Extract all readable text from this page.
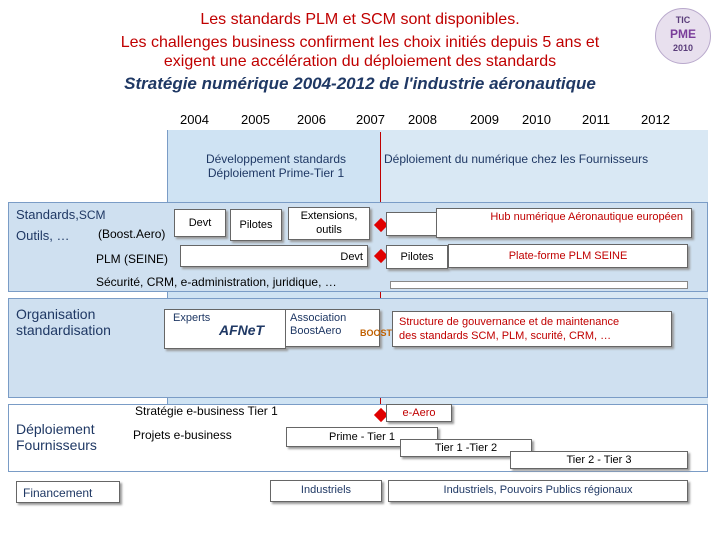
Les standards PLM et SCM sont disponibles.
Les challenges business confirment les choix initiés depuis 5 ans et
exigent une accélération du déploiement des standards
Stratégie numérique 2004-2012 de l'industrie aéronautique
TIC
PME
2010
2004 2005 2006 2007 2008	2009 2010 2011 2012
Développement standards
Déploiement Prime-Tier 1
Déploiement du numérique chez les Fournisseurs
Standards,SCM
Outils, … (Boost.Aero)
Devt	Pilotes
Extensions, outils
Hub numérique Aéronautique européen
PLM (SEINE)	Devt	Pilotes	Plate-forme PLM SEINE
Sécurité, CRM, e-administration, juridique, …
Organisation
standardisation
Experts
AFNeT
Association
BoostAero	BOOST
Structure de gouvernance et de maintenance
des standards SCM, PLM, scurité, CRM, …
Déploiement
Fournisseurs
Stratégie e-business Tier 1
Projets e-business
e-Aero
Prime - Tier 1
Tier 1 -Tier 2
Tier 2 - Tier 3
Financement	Industriels	Industriels, Pouvoirs Publics régionaux
